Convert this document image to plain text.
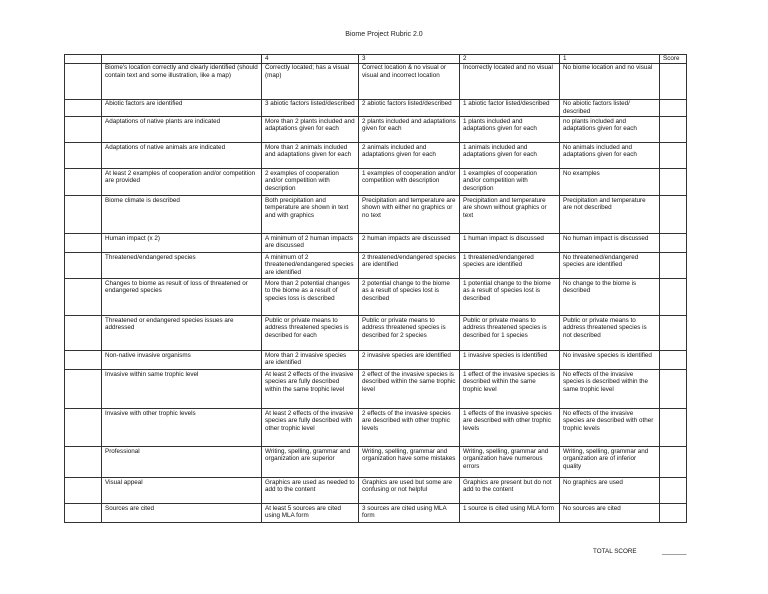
Biome Project Rubric 2.0
		4	3	2	1	Score
	Biome's location correctly and clearly identified (should contain text and some illustration, like a map)	Correctly located; has a visual (map)	Correct location & no visual or visual and incorrect location	Incorrectly located and no visual	No biome location and no visual	
	Abiotic factors are identified	3 abiotic factors listed/described	2 abiotic factors listed/described	1 abiotic factor listed/described	No abiotic factors listed/ described	
	Adaptations of native plants are indicated	More than 2 plants included and adaptations given for each	2 plants included and adaptations given for each	1 plants included and adaptations given for each	no plants included and adaptations given for each	
	Adaptations of native animals are indicated	More than 2 animals included and adaptations given for each	2 animals included and adaptations given for each	1 animals included and adaptations given for each	No animals included and adaptations given for each	
	At least 2 examples of cooperation and/or competition are provided	2 examples of cooperation and/or competition with description	1 examples of cooperation and/or competition with description	1 examples of cooperation and/or competition with description	No examples	
	Biome climate is described	Both precipitation and temperature are shown in text and with graphics	Precipitation and temperature are shown with either no graphics or no text	Precipitation and temperature are shown without graphics or text	Precipitation and temperature are not described	
	Human impact (x 2)	A minimum of 2 human impacts are discussed	2 human impacts are discussed	1 human impact is discussed	No human impact is discussed	
	Threatened/endangered species	A minimum of 2 threatened/endangered species are identified	2 threatened/endangered species are identified	1 threatened/endangered species are identified	No threatened/endangered species are identified	
	Changes to biome as result of loss of threatened or endangered species	More than 2 potential changes to the biome as a result of species loss is described	2 potential change to the biome as a result of species lost is described	1 potential change to the biome as a result of species lost is described	No change to the biome is described	
	Threatened or endangered species issues are addressed	Public or private means to address threatened species is described for each	Public or private means to address threatened species is described for 2 species	Public or private means to address threatened species is described for 1 species	Public or private means to address threatened species is not described	
	Non-native invasive organisms	More than 2 invasive species are identified	2 invasive species are identified	1 invasive species is identified	No invasive species is identified	
	Invasive within same trophic level	At least 2 effects of the invasive species are fully described within the same trophic level	2 effect of the invasive species is described within the same trophic level	1 effect of the invasive species is described within the same trophic level	No effects of the invasive species is described within the same trophic level	
	Invasive with other trophic levels	At least 2 effects of the invasive species are fully described with other trophic level	2 effects of the invasive species are described with other trophic levels	1 effects of the invasive species are described with other trophic levels	No effects of the invasive species are described with other trophic levels	
	Professional	Writing, spelling, grammar and organization are superior	Writing, spelling, grammar and organization have some mistakes	Writing, spelling, grammar and organization have numerous errors	Writing, spelling, grammar and organization are of inferior quality	
	Visual appeal	Graphics are used as needed to add to the content	Graphics are used but some are confusing or not helpful	Graphics are present but do not add to the content	No graphics are used	
	Sources are cited	At least 5 sources are cited using MLA form	3 sources are cited using MLA form	1 source is cited using MLA form	No sources are cited	
TOTAL SCORE	_______
